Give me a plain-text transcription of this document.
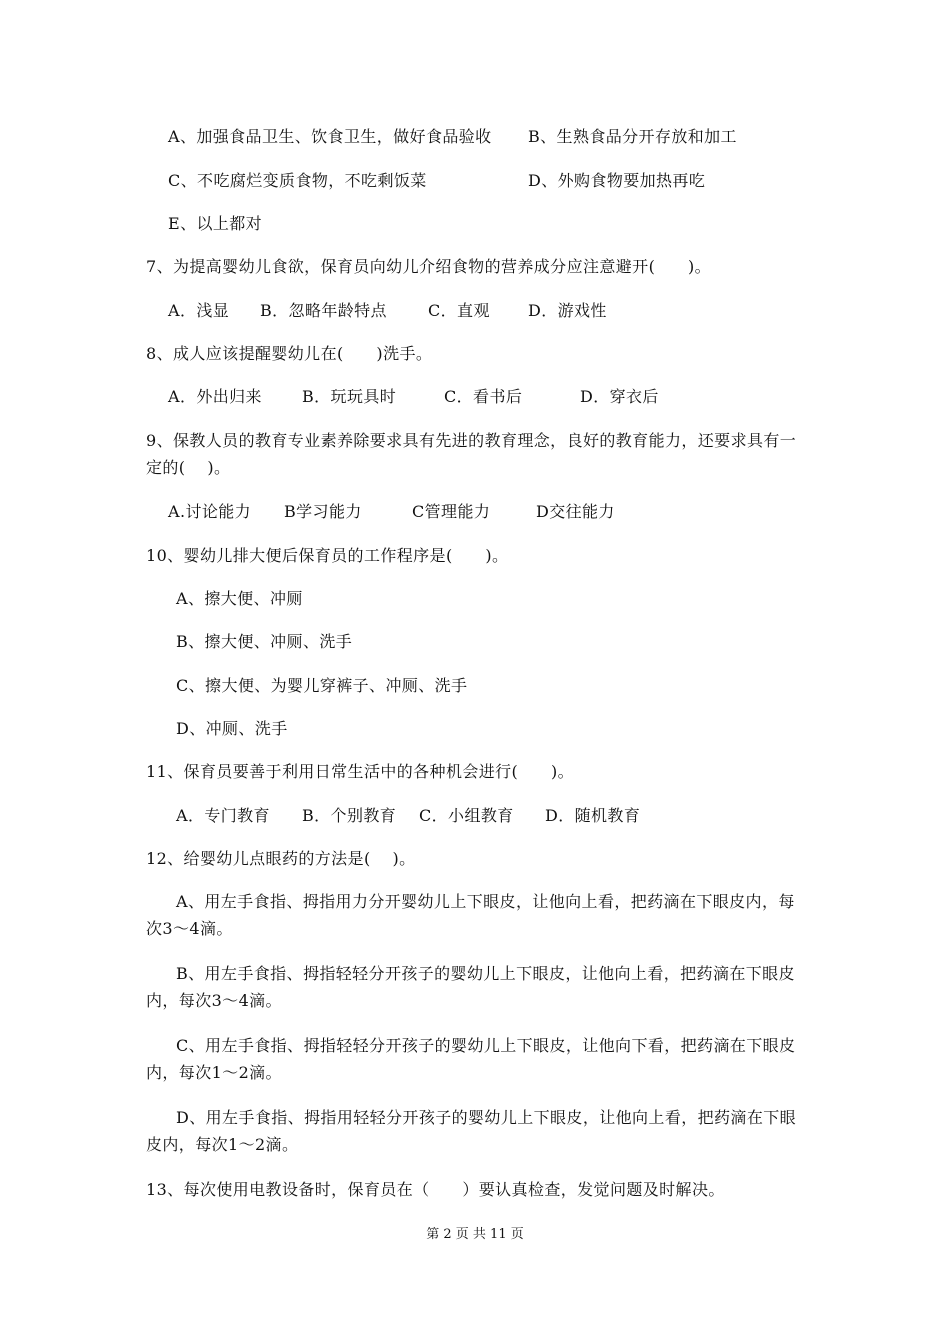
A、加强食品卫生、饮食卫生，做好食品验收 B、生熟食品分开存放和加工
C、不吃腐烂变质食物，不吃剩饭菜	D、外购食物要加热再吃
E、以上都对
7、为提高婴幼儿食欲，保育员向幼儿介绍食物的营养成分应注意避开(　　)。
A．浅显 B．忽略年龄特点	C．直观 D．游戏性
8、成人应该提醒婴幼儿在(　　)洗手。
A．外出归来	B．玩玩具时	C．看书后	D．穿衣后
9、保教人员的教育专业素养除要求具有先进的教育理念，良好的教育能力，还要求具有一
定的(　 )。
A.讨论能力 B学习能力	C管理能力	D交往能力
10、婴幼儿排大便后保育员的工作程序是(　　)。
A、擦大便、冲厕
B、擦大便、冲厕、洗手
C、擦大便、为婴儿穿裤子、冲厕、洗手
D、冲厕、洗手
11、保育员要善于利用日常生活中的各种机会进行(　　)。
A．专门教育 B．个别教育 C．小组教育 D．随机教育
12、给婴幼儿点眼药的方法是(　 )。
A、用左手食指、拇指用力分开婴幼儿上下眼皮，让他向上看，把药滴在下眼皮内，每
次3～4滴。
B、用左手食指、拇指轻轻分开孩子的婴幼儿上下眼皮，让他向上看，把药滴在下眼皮
内，每次3～4滴。
C、用左手食指、拇指轻轻分开孩子的婴幼儿上下眼皮，让他向下看，把药滴在下眼皮
内，每次1～2滴。
D、用左手食指、拇指用轻轻分开孩子的婴幼儿上下眼皮，让他向上看，把药滴在下眼
皮内，每次1～2滴。
13、每次使用电教设备时，保育员在（　　）要认真检查，发觉问题及时解决。
第 2 页 共 11 页
